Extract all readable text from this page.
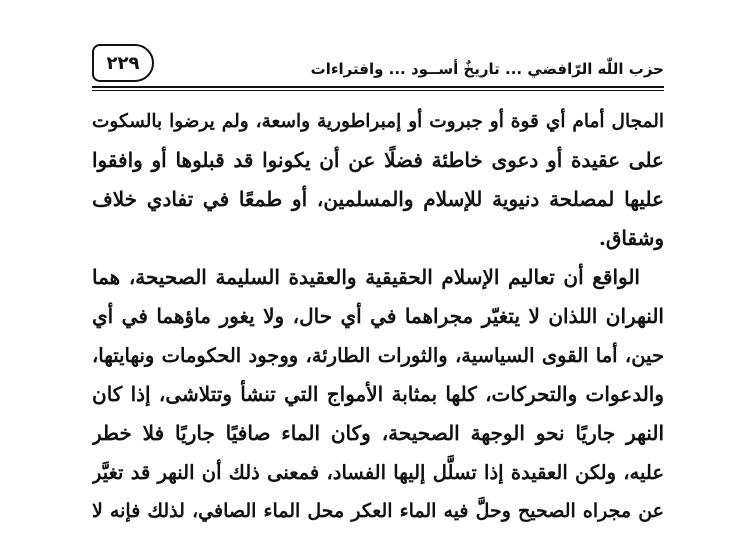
٢٢٩	حزب اللّٰه الرّافضي ... تاريخٌ أســود ... وافتراءات
المجال أمام أي قوة أو جبروت أو إمبراطورية واسعة، ولم يرضوا بالسكوت
على عقيدة أو دعوى خاطئة فضلًا عن أن يكونوا قد قبلوها أو وافقوا
عليها لمصلحة دنيوية للإسلام والمسلمين، أو طمعًا في تفادي خلاف
وشقاق.
الواقع أن تعاليم الإسلام الحقيقية والعقيدة السليمة الصحيحة، هما
النهران اللذان لا يتغيّر مجراهما في أي حال، ولا يغور ماؤهما في أي
حين، أما القوى السياسية، والثورات الطارئة، ووجود الحكومات ونهايتها،
والدعوات والتحركات، كلها بمثابة الأمواج التي تنشأ وتتلاشى، إذا كان
النهر جاريًا نحو الوجهة الصحيحة، وكان الماء صافيًا جاريًا فلا خطر
عليه، ولكن العقيدة إذا تسلَّل إليها الفساد، فمعنى ذلك أن النهر قد تغيَّر
عن مجراه الصحيح وحلَّ فيه الماء العكر محل الماء الصافي، لذلك فإنه لا
